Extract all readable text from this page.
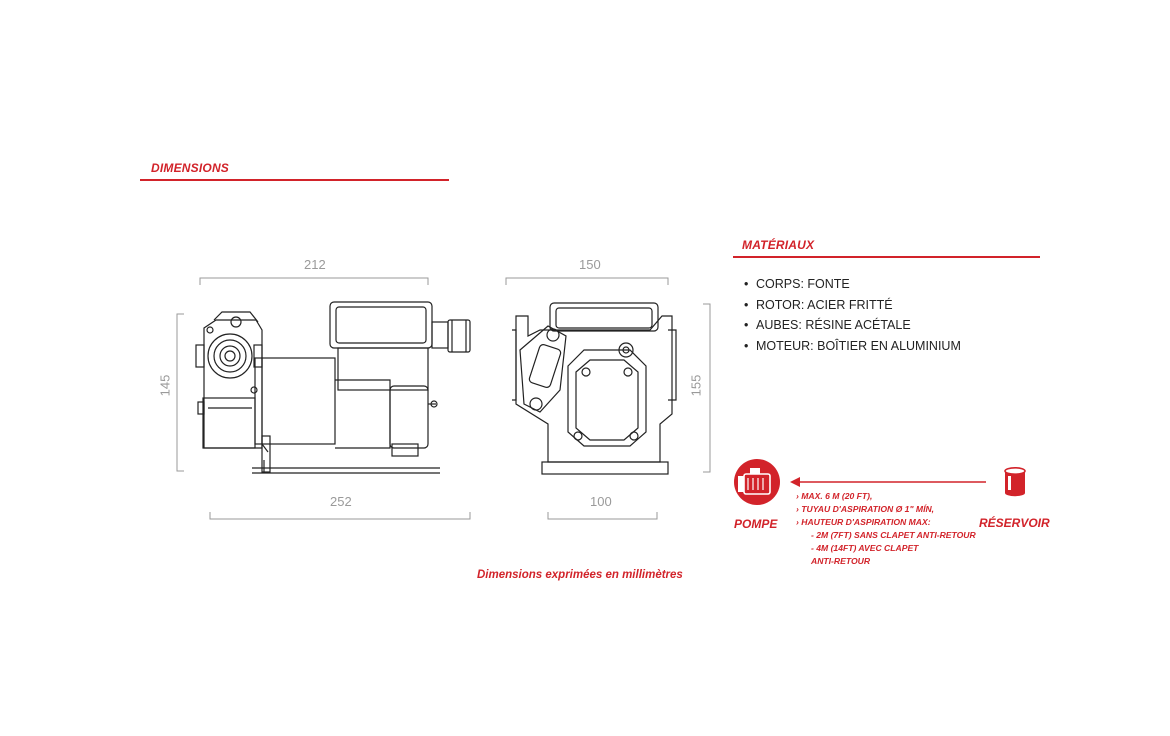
DIMENSIONS
MATÉRIAUX
212
145
252
150
155
100
• CORPS: FONTE
• ROTOR: ACIER FRITTÉ
• AUBES: RÉSINE ACÉTALE
• MOTEUR: BOÎTIER EN ALUMINIUM
POMPE	RÉSERVOIR
› MAX. 6 M (20 FT),
› TUYAU D'ASPIRATION Ø 1" MÍN,
› HAUTEUR D'ASPIRATION MAX:
- 2M (7FT) SANS CLAPET ANTI-RETOUR
- 4M (14FT) AVEC CLAPET
ANTI-RETOUR
Dimensions exprimées en millimètres
